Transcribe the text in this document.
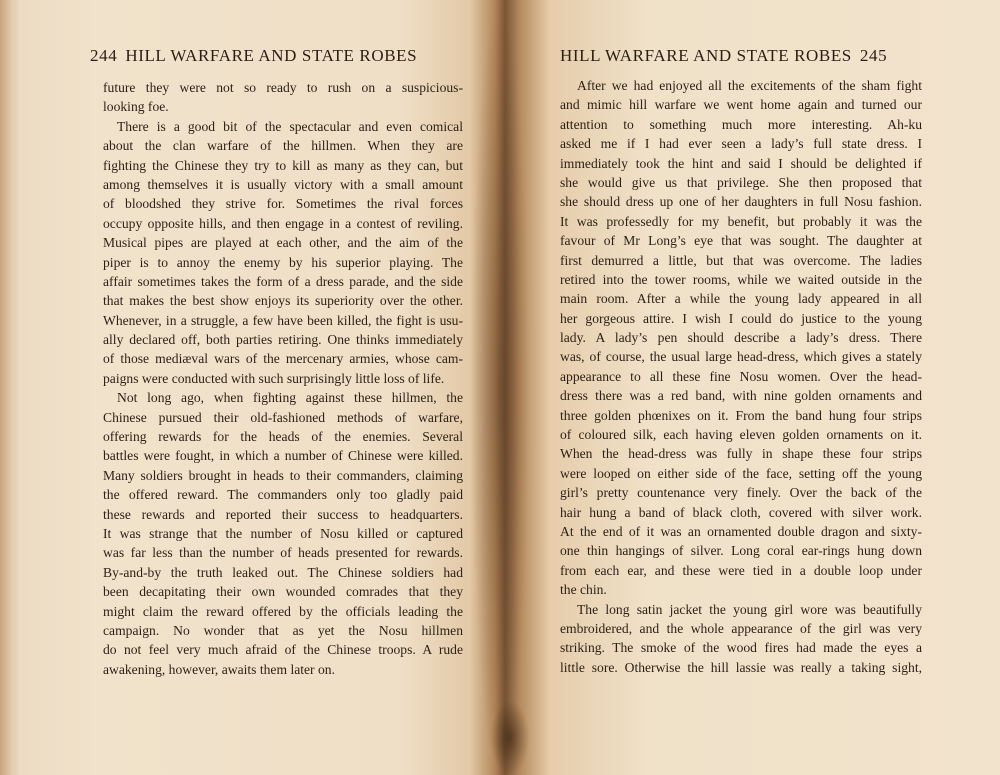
244 HILL WARFARE AND STATE ROBES
future they were not so ready to rush on a suspicious-
looking foe.
There is a good bit of the spectacular and even comical
about the clan warfare of the hillmen. When they are
fighting the Chinese they try to kill as many as they can, but
among themselves it is usually victory with a small amount
of bloodshed they strive for. Sometimes the rival forces
occupy opposite hills, and then engage in a contest of reviling.
Musical pipes are played at each other, and the aim of the
piper is to annoy the enemy by his superior playing. The
affair sometimes takes the form of a dress parade, and the side
that makes the best show enjoys its superiority over the other.
Whenever, in a struggle, a few have been killed, the fight is usu-
ally declared off, both parties retiring. One thinks immediately
of those mediæval wars of the mercenary armies, whose cam-
paigns were conducted with such surprisingly little loss of life.
Not long ago, when fighting against these hillmen, the
Chinese pursued their old-fashioned methods of warfare,
offering rewards for the heads of the enemies. Several
battles were fought, in which a number of Chinese were killed.
Many soldiers brought in heads to their commanders, claiming
the offered reward. The commanders only too gladly paid
these rewards and reported their success to headquarters.
It was strange that the number of Nosu killed or captured
was far less than the number of heads presented for rewards.
By-and-by the truth leaked out. The Chinese soldiers had
been decapitating their own wounded comrades that they
might claim the reward offered by the officials leading the
campaign. No wonder that as yet the Nosu hillmen
do not feel very much afraid of the Chinese troops. A rude
awakening, however, awaits them later on.
HILL WARFARE AND STATE ROBES 245
After we had enjoyed all the excitements of the sham fight
and mimic hill warfare we went home again and turned our
attention to something much more interesting. Ah-ku
asked me if I had ever seen a lady’s full state dress. I
immediately took the hint and said I should be delighted if
she would give us that privilege. She then proposed that
she should dress up one of her daughters in full Nosu fashion.
It was professedly for my benefit, but probably it was the
favour of Mr Long’s eye that was sought. The daughter at
first demurred a little, but that was overcome. The ladies
retired into the tower rooms, while we waited outside in the
main room. After a while the young lady appeared in all
her gorgeous attire. I wish I could do justice to the young
lady. A lady’s pen should describe a lady’s dress. There
was, of course, the usual large head-dress, which gives a stately
appearance to all these fine Nosu women. Over the head-
dress there was a red band, with nine golden ornaments and
three golden phœnixes on it. From the band hung four strips
of coloured silk, each having eleven golden ornaments on it.
When the head-dress was fully in shape these four strips
were looped on either side of the face, setting off the young
girl’s pretty countenance very finely. Over the back of the
hair hung a band of black cloth, covered with silver work.
At the end of it was an ornamented double dragon and sixty-
one thin hangings of silver. Long coral ear-rings hung down
from each ear, and these were tied in a double loop under
the chin.
The long satin jacket the young girl wore was beautifully
embroidered, and the whole appearance of the girl was very
striking. The smoke of the wood fires had made the eyes a
little sore. Otherwise the hill lassie was really a taking sight,
